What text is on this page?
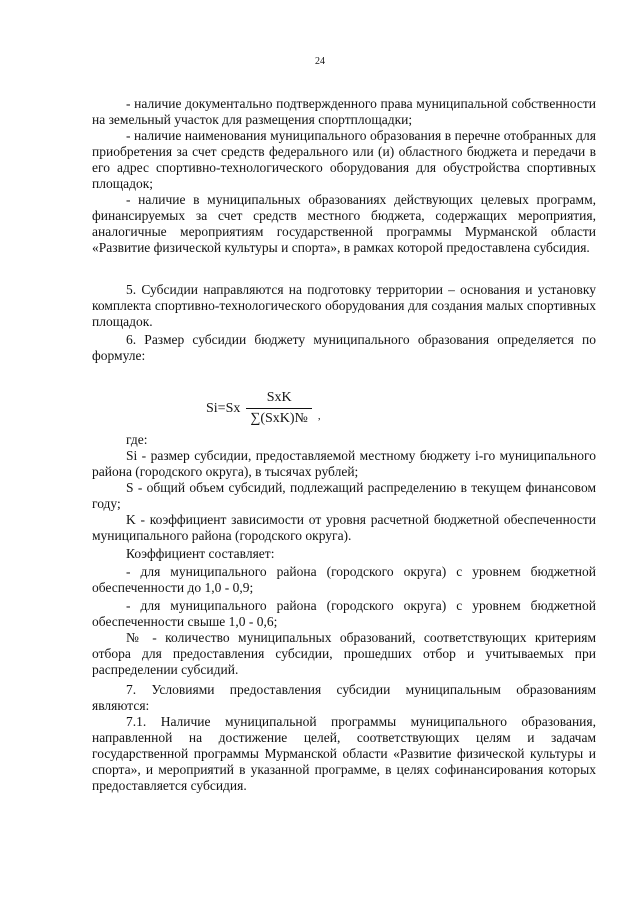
24
- наличие документально подтвержденного права муниципальной собственности на земельный участок для размещения спортплощадки;
- наличие наименования муниципального образования в перечне отобранных для приобретения за счет средств федерального или (и) областного бюджета и передачи в его адрес спортивно-технологического оборудования для обустройства спортивных площадок;
- наличие в муниципальных образованиях действующих целевых программ, финансируемых за счет средств местного бюджета, содержащих мероприятия, аналогичные мероприятиям государственной программы Мурманской области «Развитие физической культуры и спорта», в рамках которой предоставлена субсидия.
5. Субсидии направляются на подготовку территории – основания и установку комплекта спортивно-технологического оборудования для создания малых спортивных площадок.
6. Размер субсидии бюджету муниципального образования определяется по формуле:
$Si=Sx \frac{\text{SxK}}{\text{∑(SxK)№}}$ ,
где:
Si - размер субсидии, предоставляемой местному бюджету i-го муниципального района (городского округа), в тысячах рублей;
S - общий объем субсидий, подлежащий распределению в текущем финансовом году;
K - коэффициент зависимости от уровня расчетной бюджетной обеспеченности муниципального района (городского округа).
Коэффициент составляет:
- для муниципального района (городского округа) с уровнем бюджетной обеспеченности до 1,0 - 0,9;
- для муниципального района (городского округа) с уровнем бюджетной обеспеченности свыше 1,0 - 0,6;
№ - количество муниципальных образований, соответствующих критериям отбора для предоставления субсидии, прошедших отбор и учитываемых при распределении субсидий.
7. Условиями предоставления субсидии муниципальным образованиям являются:
7.1. Наличие муниципальной программы муниципального образования, направленной на достижение целей, соответствующих целям и задачам государственной программы Мурманской области «Развитие физической культуры и спорта», и мероприятий в указанной программе, в целях софинансирования которых предоставляется субсидия.
